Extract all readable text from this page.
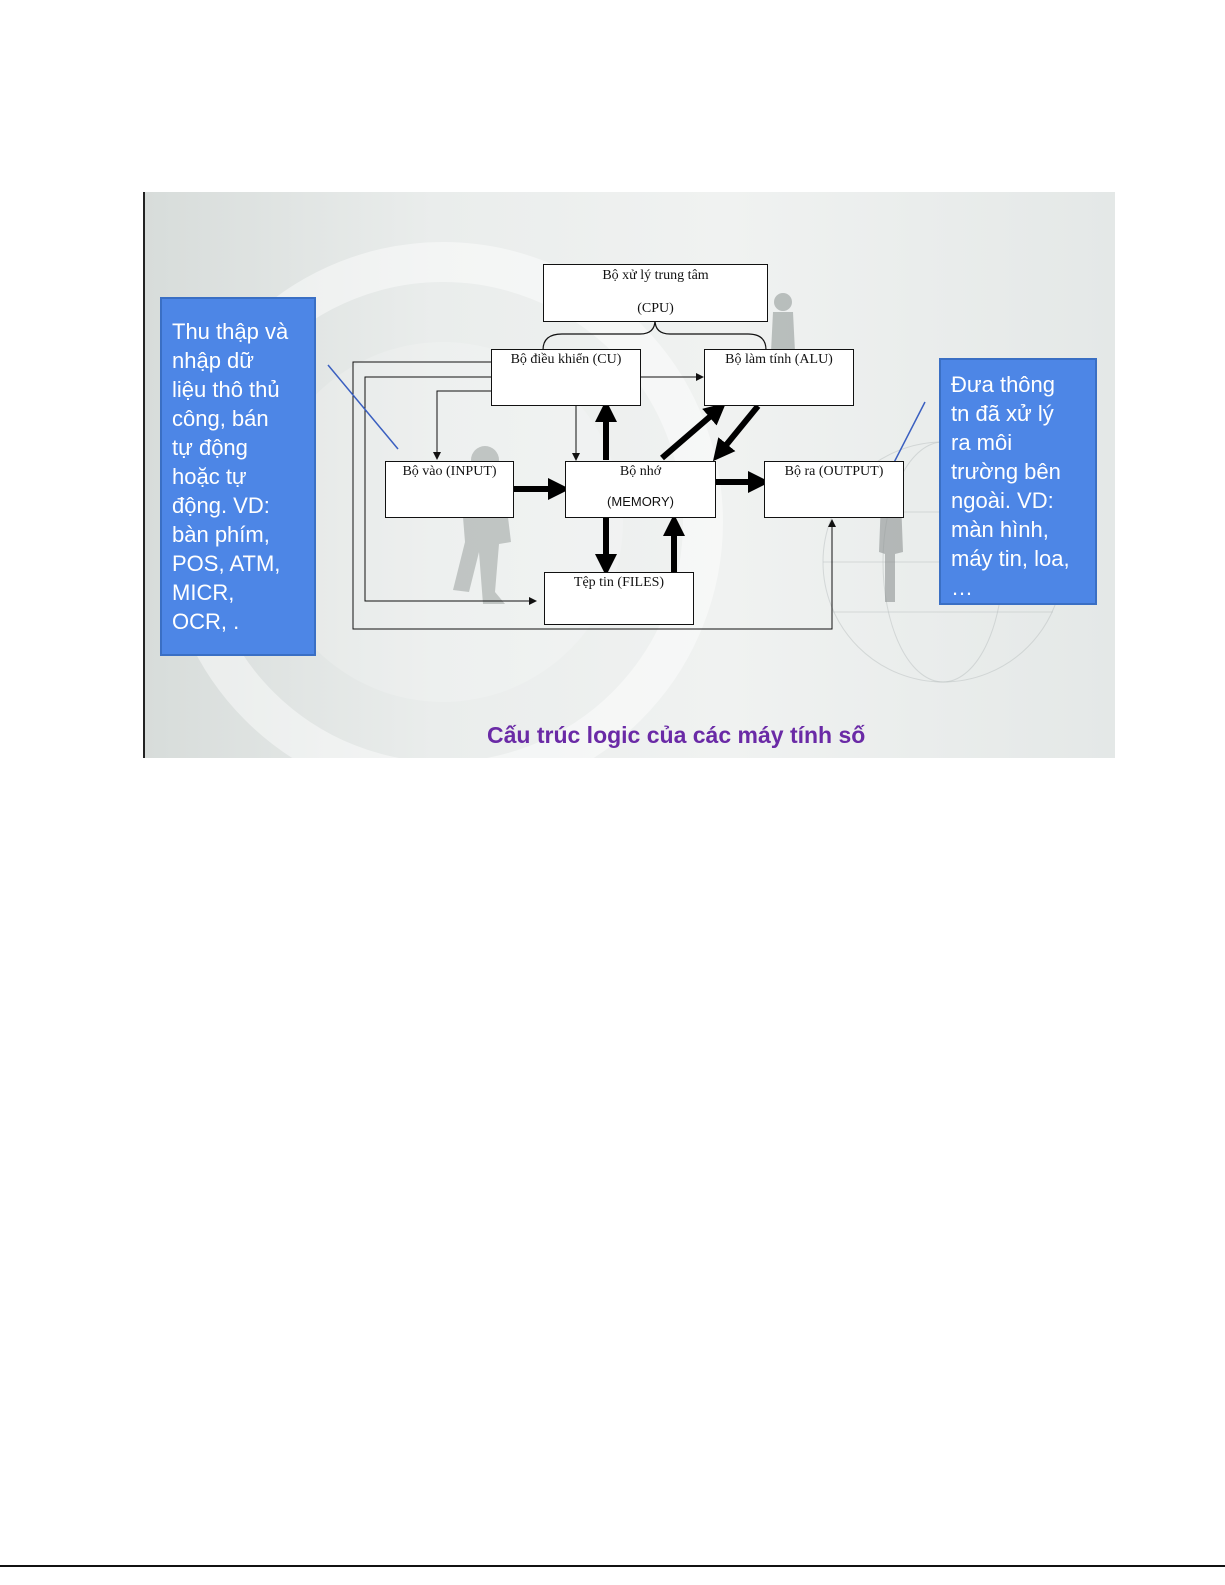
Bộ xử lý trung tâm
(CPU)
Bộ điều khiển (CU)	Bộ làm tính (ALU)
Bộ vào (INPUT)	Bộ nhớ
(MEMORY)
Bộ ra (OUTPUT)
Tệp tin (FILES)

Thu thập và

nhập dữ

liệu thô thủ

công, bán

tự động

hoặc tự

động. VD:

bàn phím,

POS, ATM,

MICR,

OCR, .

Đưa thông

tn đã xử lý

ra môi

trường bên

ngoài. VD:

màn hình,

máy tin, loa,

…

Cấu trúc logic của các máy tính số
